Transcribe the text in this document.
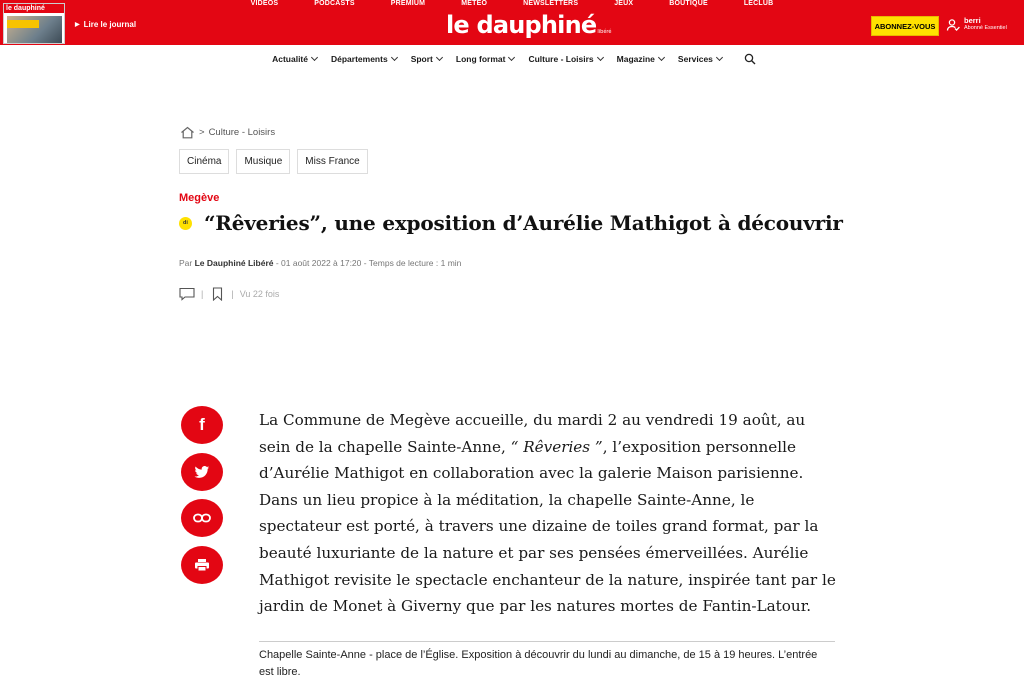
VIDÉOS	PODCASTS	PREMIUM	MÉTÉO	NEWSLETTERS	JEUX	BOUTIQUE	LECLUB
le dauphiné
▶ Lire le journal	le dauphinélibéré
ABONNEZ-VOUS
berri
Abonné Essentiel
Actualité	Départements	Sport	Long format	Culture - Loisirs	Magazine	Services
> Culture - Loisirs
Cinéma	Musique	Miss France
Megève
di “Rêveries”, une exposition d’Aurélie Mathigot à découvrir
Par Le Dauphiné Libéré - 01 août 2022 à 17:20 - Temps de lecture : 1 min
|	| Vu 22 fois
f	La Commune de Megève accueille, du mardi 2 au vendredi 19 août, au sein de la chapelle Sainte-Anne, “ Rêveries ”, l’exposition personnelle d’Aurélie Mathigot en collaboration avec la galerie Maison parisienne. Dans un lieu propice à la méditation, la chapelle Sainte-Anne, le spectateur est porté, à travers une dizaine de toiles grand format, par la beauté luxuriante de la nature et par ses pensées émerveillées. Aurélie Mathigot revisite le spectacle enchanteur de la nature, inspirée tant par le jardin de Monet à Giverny que par les natures mortes de Fantin-Latour.

Chapelle Sainte-Anne - place de l’Église. Exposition à découvrir du lundi au dimanche, de 15 à 19 heures. L’entrée est libre.
